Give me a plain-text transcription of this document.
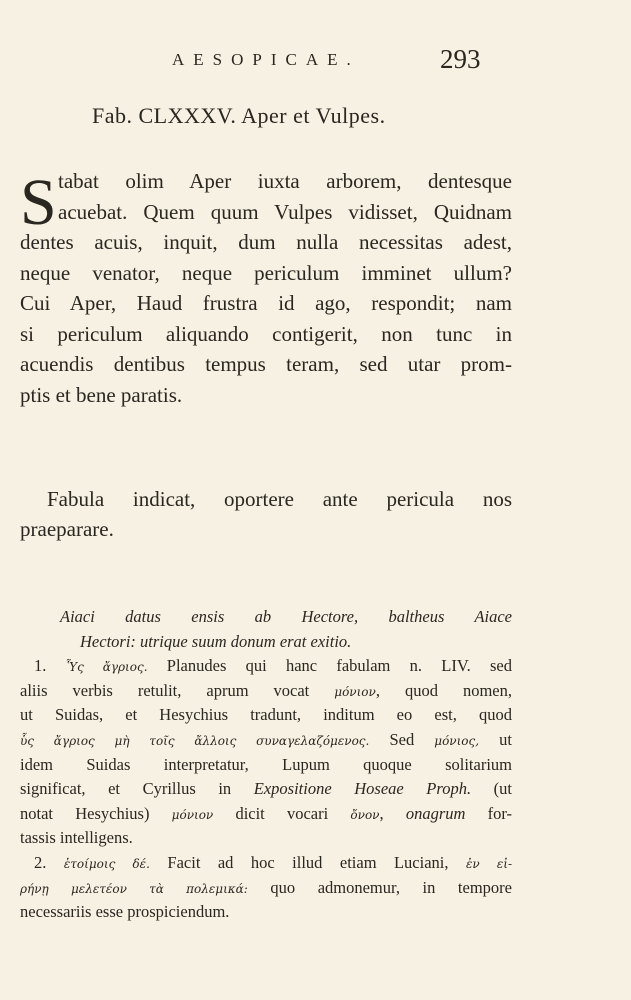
AESOPICAE.	293
Fab. CLXXXV. Aper et Vulpes.
S tabat olim Aper iuxta arborem, dentesque
acuebat. Quem quum Vulpes vidisset, Quidnam
dentes acuis, inquit, dum nulla necessitas adest,
neque venator, neque periculum imminet ullum?
Cui Aper, Haud frustra id ago, respondit; nam
si periculum aliquando contigerit, non tunc in
acuendis dentibus tempus teram, sed utar prom-
ptis et bene paratis.
Fabula indicat, oportere ante pericula nos
praeparare.
Aiaci datus ensis ab Hectore, baltheus Aiace
Hectori: utrique suum donum erat exitio.
1. Ὗς ἄγριος. Planudes qui hanc fabulam n. LIV. sed
aliis verbis retulit, aprum vocat μόνιον, quod nomen,
ut Suidas, et Hesychius tradunt, inditum eo est, quod
ὗς ἄγριος μὴ τοῖς ἄλλοις συναγελαζόμενος. Sed μόνιος, ut
idem Suidas interpretatur, Lupum quoque solitarium
significat, et Cyrillus in Expositione Hoseae Proph. (ut
notat Hesychius) μόνιον dicit vocari ὄνον, onagrum for-
tassis intelligens.
2. ἑτοίμοις δέ. Facit ad hoc illud etiam Luciani, ἐν εἰ-
ρήνῃ μελετέον τὰ πολεμικά: quo admonemur, in tempore
necessariis esse prospiciendum.
